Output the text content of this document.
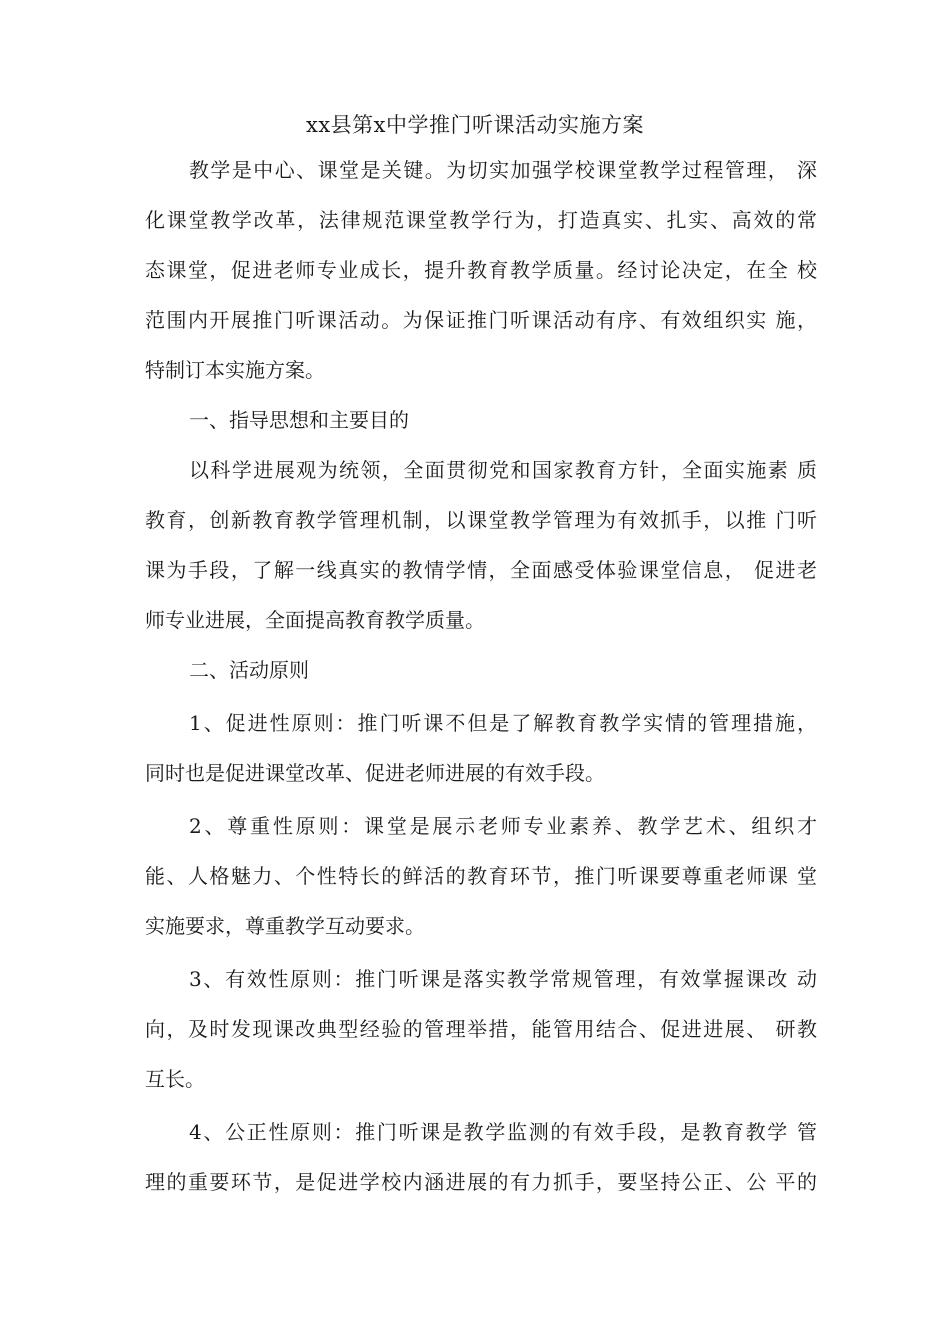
xx县第x中学推门听课活动实施方案
教学是中心、课堂是关键。为切实加强学校课堂教学过程管理， 深
化课堂教学改革，法律规范课堂教学行为，打造真实、扎实、高效的常
态课堂，促进老师专业成长，提升教育教学质量。经讨论决定，在全 校
范围内开展推门听课活动。为保证推门听课活动有序、有效组织实 施，
特制订本实施方案。
一、指导思想和主要目的
以科学进展观为统领，全面贯彻党和国家教育方针，全面实施素 质
教育，创新教育教学管理机制，以课堂教学管理为有效抓手，以推 门听
课为手段，了解一线真实的教情学情，全面感受体验课堂信息， 促进老
师专业进展，全面提高教育教学质量。
二、活动原则
1、促进性原则：推门听课不但是了解教育教学实情的管理措施，
同时也是促进课堂改革、促进老师进展的有效手段。
2、尊重性原则：课堂是展示老师专业素养、教学艺术、组织才
能、人格魅力、个性特长的鲜活的教育环节，推门听课要尊重老师课 堂
实施要求，尊重教学互动要求。
3、有效性原则：推门听课是落实教学常规管理，有效掌握课改 动
向，及时发现课改典型经验的管理举措，能管用结合、促进进展、 研教
互长。
4、公正性原则：推门听课是教学监测的有效手段，是教育教学 管
理的重要环节，是促进学校内涵进展的有力抓手，要坚持公正、公 平的
